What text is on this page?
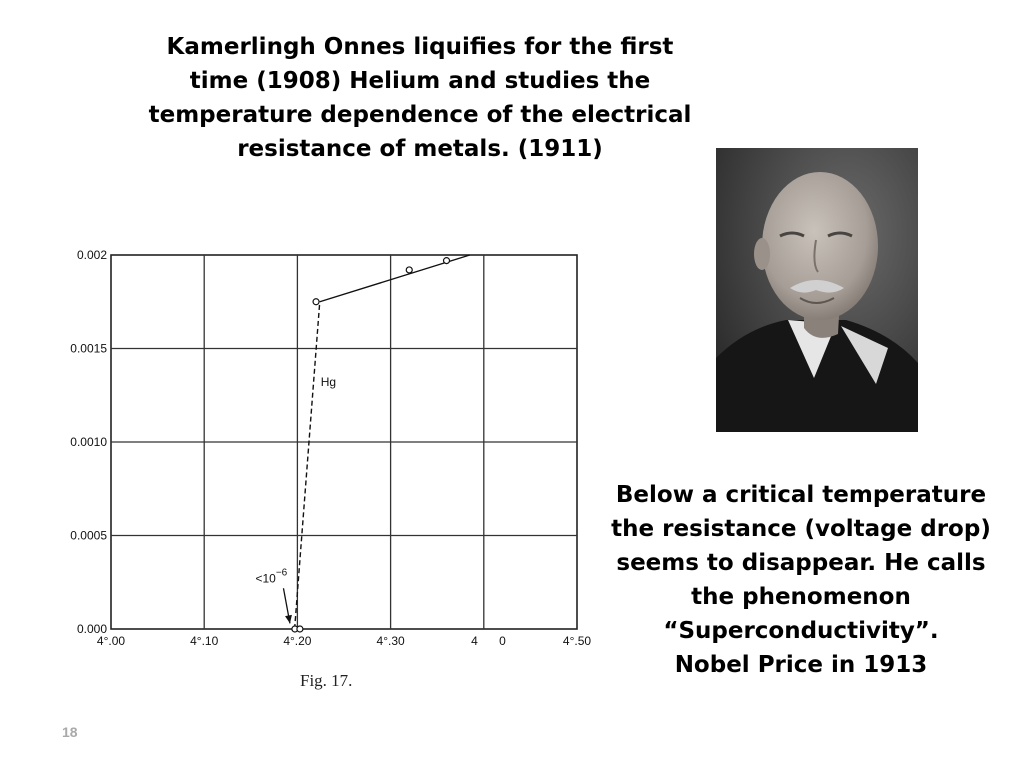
Kamerlingh Onnes liquifies for the first
time (1908) Helium and studies the
temperature dependence of the electrical
resistance of metals. (1911)
0.002
0.0015
0.0010
0.0005
0.000
4°.00	4°.10	4°.20	4°.30	4 0	4°.50
Hg
$<10^{-6}$
Fig. 17.
Below a critical temperature
the resistance (voltage drop)
seems to disappear. He calls
the phenomenon
“Superconductivity”.
Nobel Price in 1913
18
